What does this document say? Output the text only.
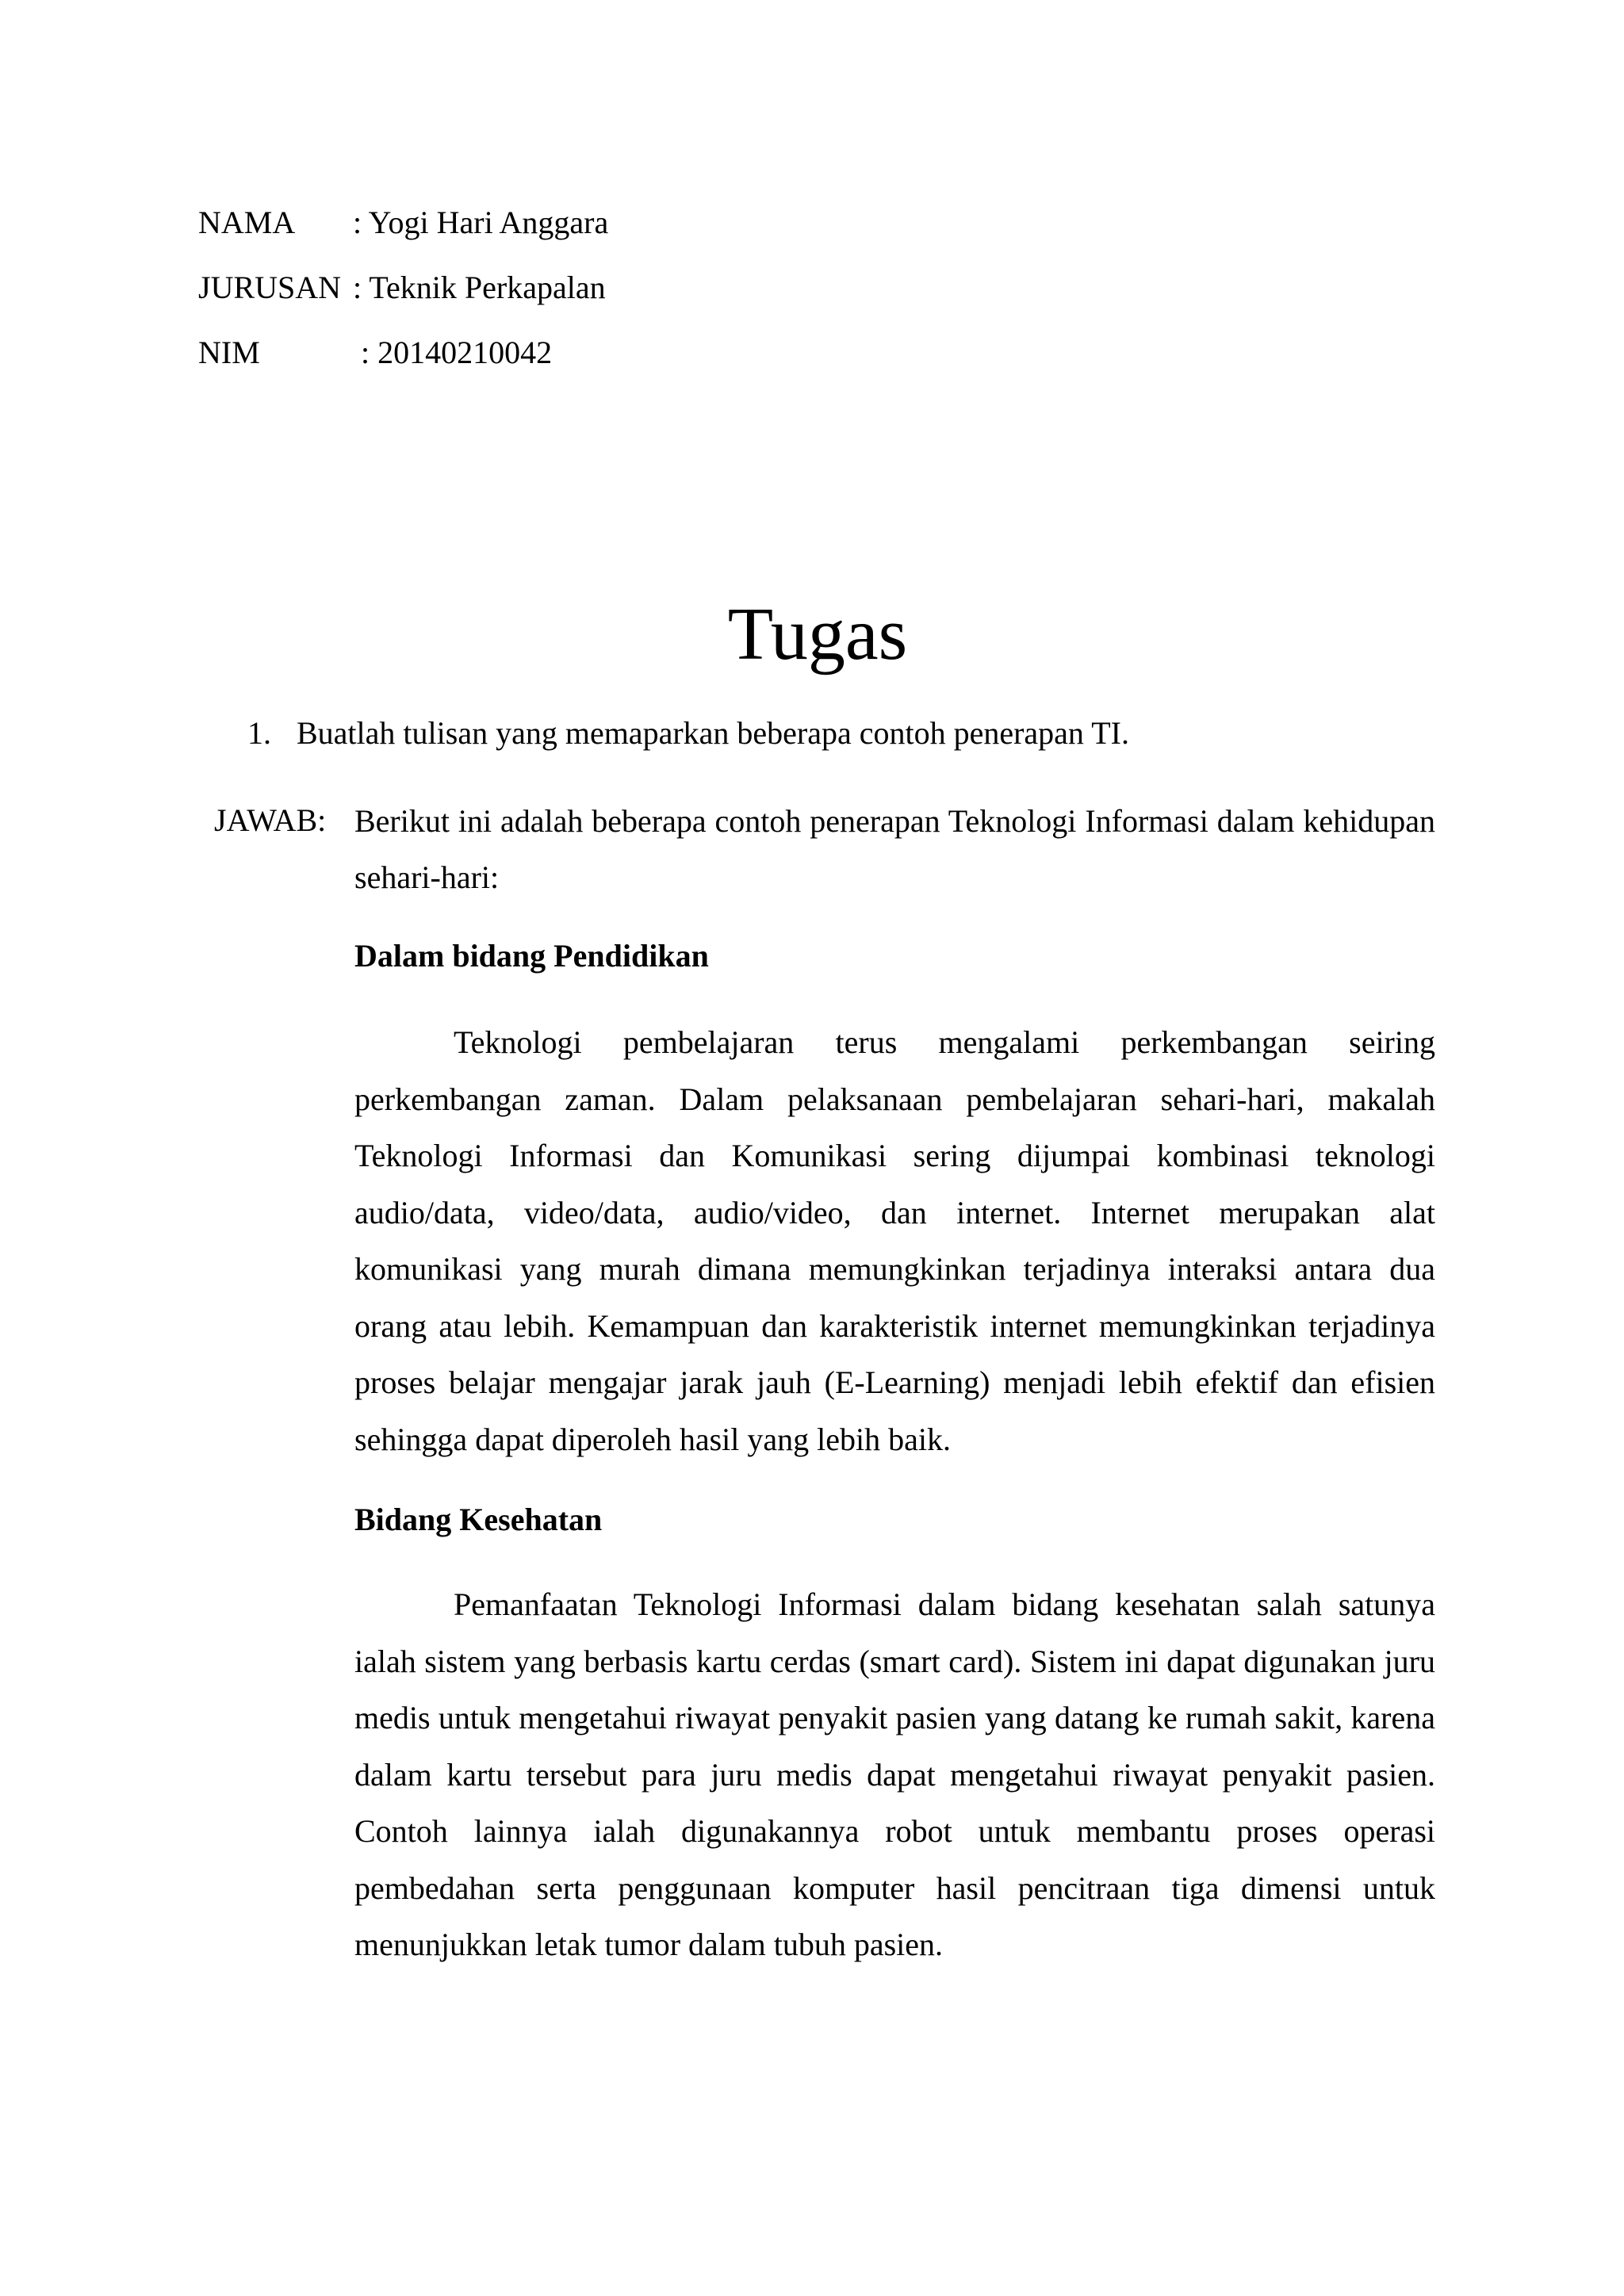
NAMA	: Yogi Hari Anggara
JURUSAN : Teknik Perkapalan
NIM	: 20140210042
Tugas
1. Buatlah tulisan yang memaparkan beberapa contoh penerapan TI.
JAWAB: Berikut ini adalah beberapa contoh penerapan Teknologi Informasi dalam kehidupan sehari-hari:

Dalam bidang Pendidikan

Teknologi pembelajaran terus mengalami perkembangan seiring perkembangan zaman. Dalam pelaksanaan pembelajaran sehari-hari, makalah Teknologi Informasi dan Komunikasi sering dijumpai kombinasi teknologi audio/data, video/data, audio/video, dan internet. Internet merupakan alat komunikasi yang murah dimana memungkinkan terjadinya interaksi antara dua orang atau lebih. Kemampuan dan karakteristik internet memungkinkan terjadinya proses belajar mengajar jarak jauh (E-Learning) menjadi lebih efektif dan efisien sehingga dapat diperoleh hasil yang lebih baik.

Bidang Kesehatan

Pemanfaatan Teknologi Informasi dalam bidang kesehatan salah satunya ialah sistem yang berbasis kartu cerdas (smart card). Sistem ini dapat digunakan juru medis untuk mengetahui riwayat penyakit pasien yang datang ke rumah sakit, karena dalam kartu tersebut para juru medis dapat mengetahui riwayat penyakit pasien. Contoh lainnya ialah digunakannya robot untuk membantu proses operasi pembedahan serta penggunaan komputer hasil pencitraan tiga dimensi untuk menunjukkan letak tumor dalam tubuh pasien.
